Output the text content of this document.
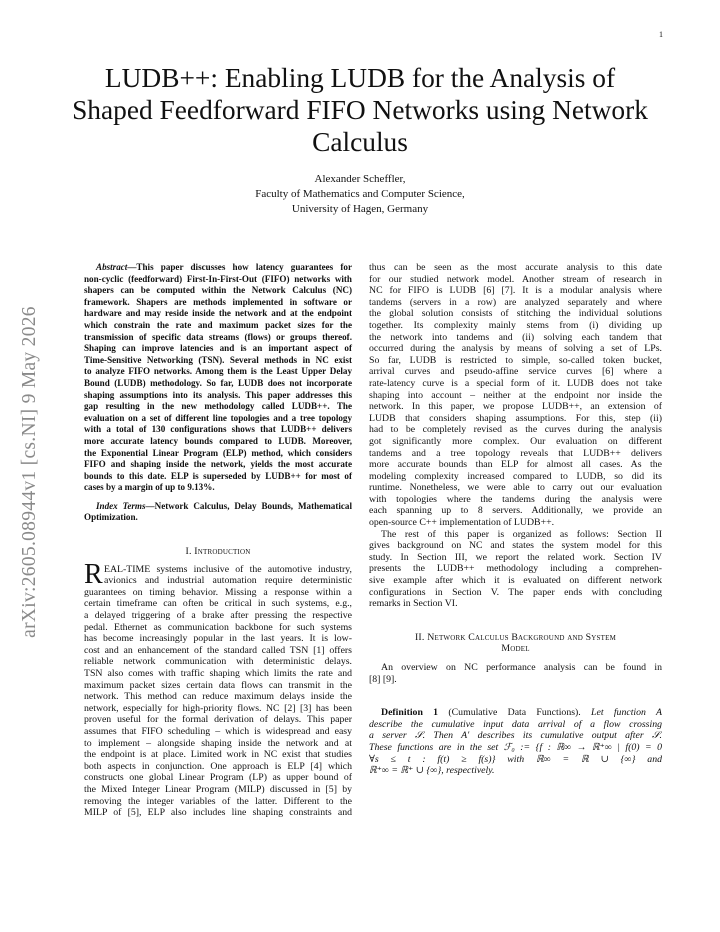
1
arXiv:2605.08944v1 [cs.NI] 9 May 2026
LUDB++: Enabling LUDB for the Analysis of
Shaped Feedforward FIFO Networks using Network
Calculus
Alexander Scheffler,
Faculty of Mathematics and Computer Science,
University of Hagen, Germany

Abstract—This paper discusses how latency guarantees for

non-cyclic (feedforward) First-In-First-Out (FIFO) networks with

shapers can be computed within the Network Calculus (NC)

framework. Shapers are methods implemented in software or

hardware and may reside inside the network and at the endpoint

which constrain the rate and maximum packet sizes for the

transmission of specific data streams (flows) or groups thereof.

Shaping can improve latencies and is an important aspect of

Time-Sensitive Networking (TSN). Several methods in NC exist

to analyze FIFO networks. Among them is the Least Upper Delay

Bound (LUDB) methodology. So far, LUDB does not incorporate

shaping assumptions into its analysis. This paper addresses this

gap resulting in the new methodology called LUDB++. The

evaluation on a set of different line topologies and a tree topology

with a total of 130 configurations shows that LUDB++ delivers

more accurate latency bounds compared to LUDB. Moreover,

the Exponential Linear Program (ELP) method, which considers

FIFO and shaping inside the network, yields the most accurate

bounds to this date. ELP is superseded by LUDB++ for most of

cases by a margin of up to 9.13%.

Index Terms—Network Calculus, Delay Bounds, Mathematical

Optimization.

I. Introduction

R EAL-TIME systems inclusive of the automotive industry,

avionics and industrial automation require deterministic

guarantees on timing behavior. Missing a response within a

certain timeframe can often be critical in such systems, e.g.,

a delayed triggering of a brake after pressing the respective

pedal. Ethernet as communication backbone for such systems

has become increasingly popular in the last years. It is low-

cost and an enhancement of the standard called TSN [1] offers

reliable network communication with deterministic delays.

TSN also comes with traffic shaping which limits the rate and

maximum packet sizes certain data flows can transmit in the

network. This method can reduce maximum delays inside the

network, especially for high-priority flows. NC [2] [3] has been

proven useful for the formal derivation of delays. This paper

assumes that FIFO scheduling – which is widespread and easy

to implement – alongside shaping inside the network and at

the endpoint is at place. Limited work in NC exist that studies

both aspects in conjunction. One approach is ELP [4] which

constructs one global Linear Program (LP) as upper bound of

the Mixed Integer Linear Program (MILP) discussed in [5] by

removing the integer variables of the latter. Different to the

MILP of [5], ELP also includes line shaping constraints and

thus can be seen as the most accurate analysis to this date

for our studied network model. Another stream of research in

NC for FIFO is LUDB [6] [7]. It is a modular analysis where

tandems (servers in a row) are analyzed separately and where

the global solution consists of stitching the individual solutions

together. Its complexity mainly stems from (i) dividing up

the network into tandems and (ii) solving each tandem that

occurred during the analysis by means of solving a set of LPs.

So far, LUDB is restricted to simple, so-called token bucket,

arrival curves and pseudo-affine service curves [6] where a

rate-latency curve is a special form of it. LUDB does not take

shaping into account – neither at the endpoint nor inside the

network. In this paper, we propose LUDB++, an extension of

LUDB that considers shaping assumptions. For this, step (ii)

had to be completely revised as the curves during the analysis

got significantly more complex. Our evaluation on different

tandems and a tree topology reveals that LUDB++ delivers

more accurate bounds than ELP for almost all cases. As the

modeling complexity increased compared to LUDB, so did its

runtime. Nonetheless, we were able to carry out our evaluation

with topologies where the tandems during the analysis were

each spanning up to 8 servers. Additionally, we provide an

open-source C++ implementation of LUDB++.

The rest of this paper is organized as follows: Section II

gives background on NC and states the system model for this

study. In Section III, we report the related work. Section IV

presents the LUDB++ methodology including a comprehen-

sive example after which it is evaluated on different network

configurations in Section V. The paper ends with concluding

remarks in Section VI.

II. Network Calculus Background and System

Model

An overview on NC performance analysis can be found in

[8] [9].

Definition 1 (Cumulative Data Functions). Let function A

describe the cumulative input data arrival of a flow crossing

a server 𝒮. Then A′ describes its cumulative output after 𝒮.

These functions are in the set ℱ₀ := {f : ℝ∞ → ℝ⁺∞ | f(0) = 0

∀s ≤ t : f(t) ≥ f(s)} with ℝ∞ = ℝ ∪ {∞} and

ℝ⁺∞ = ℝ⁺ ∪ {∞}, respectively.
